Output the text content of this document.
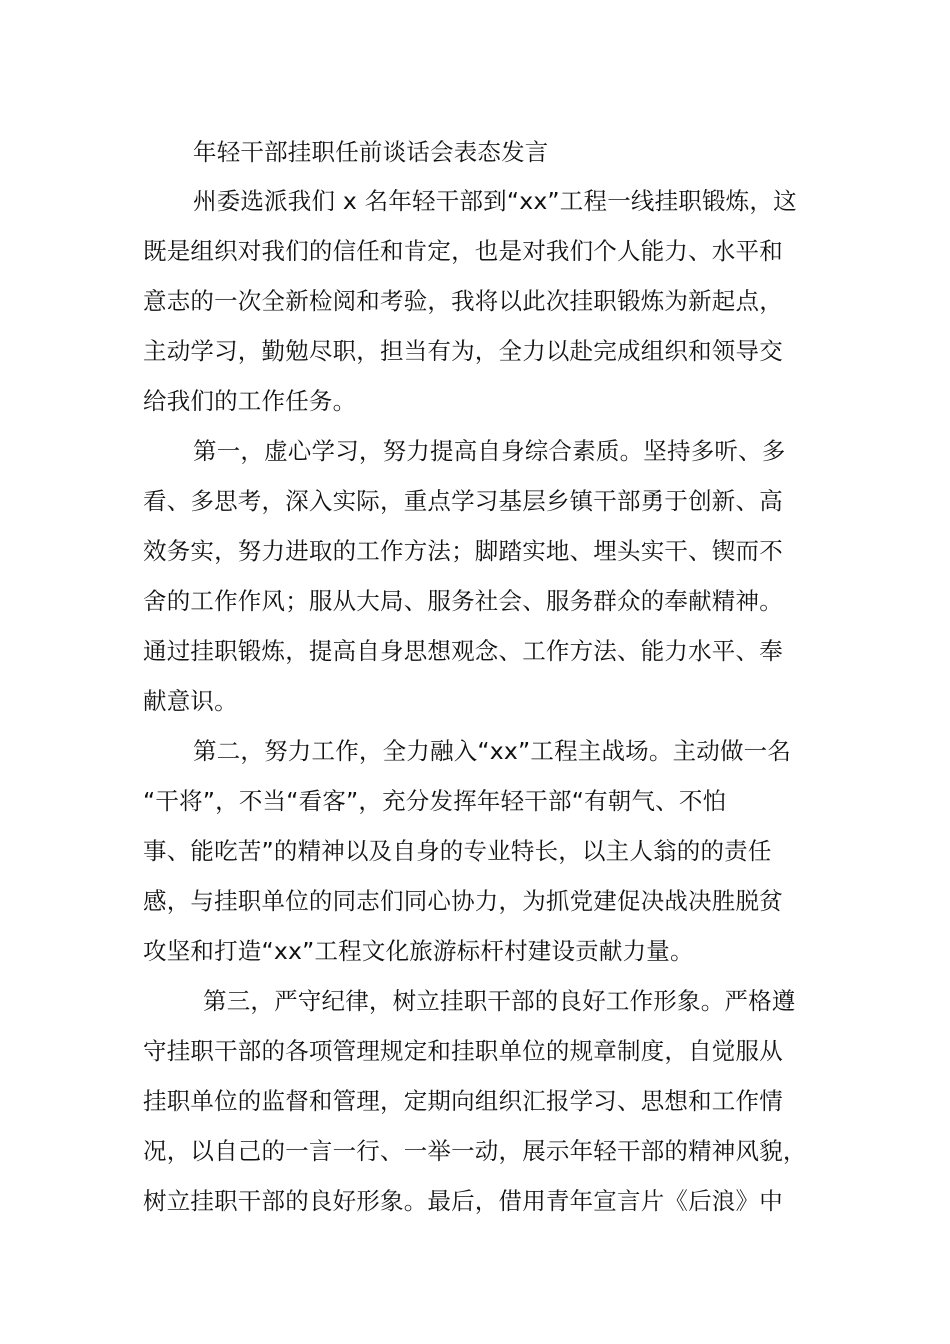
年轻干部挂职任前谈话会表态发言
州委选派我们 x 名年轻干部到“xx”工程一线挂职锻炼，这
既是组织对我们的信任和肯定，也是对我们个人能力、水平和
意志的一次全新检阅和考验，我将以此次挂职锻炼为新起点，
主动学习，勤勉尽职，担当有为，全力以赴完成组织和领导交
给我们的工作任务。
第一，虚心学习，努力提高自身综合素质。坚持多听、多
看、多思考，深入实际，重点学习基层乡镇干部勇于创新、高
效务实，努力进取的工作方法；脚踏实地、埋头实干、锲而不
舍的工作作风；服从大局、服务社会、服务群众的奉献精神。
通过挂职锻炼，提高自身思想观念、工作方法、能力水平、奉
献意识。
第二，努力工作，全力融入“xx”工程主战场。主动做一名
“干将”，不当“看客”，充分发挥年轻干部“有朝气、不怕
事、能吃苦”的精神以及自身的专业特长，以主人翁的的责任
感，与挂职单位的同志们同心协力，为抓党建促决战决胜脱贫
攻坚和打造“xx”工程文化旅游标杆村建设贡献力量。
第三，严守纪律，树立挂职干部的良好工作形象。严格遵
守挂职干部的各项管理规定和挂职单位的规章制度，自觉服从
挂职单位的监督和管理，定期向组织汇报学习、思想和工作情
况，以自己的一言一行、一举一动，展示年轻干部的精神风貌，
树立挂职干部的良好形象。最后，借用青年宣言片《后浪》中
